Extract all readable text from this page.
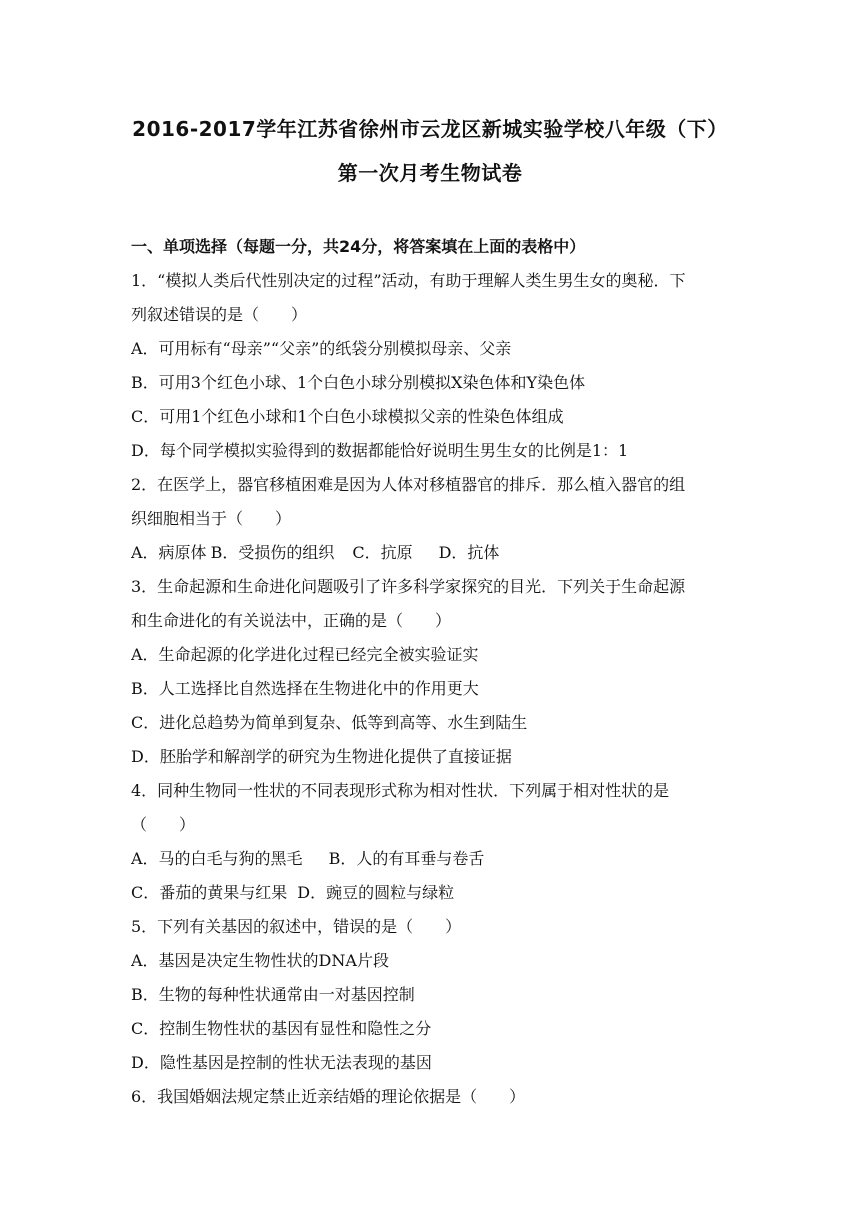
2016-2017学年江苏省徐州市云龙区新城实验学校八年级（下）
第一次月考生物试卷
一、单项选择（每题一分，共24分，将答案填在上面的表格中）
1．“模拟人类后代性别决定的过程”活动，有助于理解人类生男生女的奥秘．下
列叙述错误的是（　　）
A．可用标有“母亲”“父亲”的纸袋分别模拟母亲、父亲
B．可用3个红色小球、1个白色小球分别模拟X染色体和Y染色体
C．可用1个红色小球和1个白色小球模拟父亲的性染色体组成
D．每个同学模拟实验得到的数据都能恰好说明生男生女的比例是1：1
2．在医学上，器官移植困难是因为人体对移植器官的排斥．那么植入器官的组
织细胞相当于（　　）
A．病原体 B．受损伤的组织 C．抗原 D．抗体
3．生命起源和生命进化问题吸引了许多科学家探究的目光．下列关于生命起源
和生命进化的有关说法中，正确的是（　　）
A．生命起源的化学进化过程已经完全被实验证实
B．人工选择比自然选择在生物进化中的作用更大
C．进化总趋势为简单到复杂、低等到高等、水生到陆生
D．胚胎学和解剖学的研究为生物进化提供了直接证据
4．同种生物同一性状的不同表现形式称为相对性状．下列属于相对性状的是
（　　）
A．马的白毛与狗的黑毛 B．人的有耳垂与卷舌
C．番茄的黄果与红果 D．豌豆的圆粒与绿粒
5．下列有关基因的叙述中，错误的是（　　）
A．基因是决定生物性状的DNA片段
B．生物的每种性状通常由一对基因控制
C．控制生物性状的基因有显性和隐性之分
D．隐性基因是控制的性状无法表现的基因
6．我国婚姻法规定禁止近亲结婚的理论依据是（　　）
